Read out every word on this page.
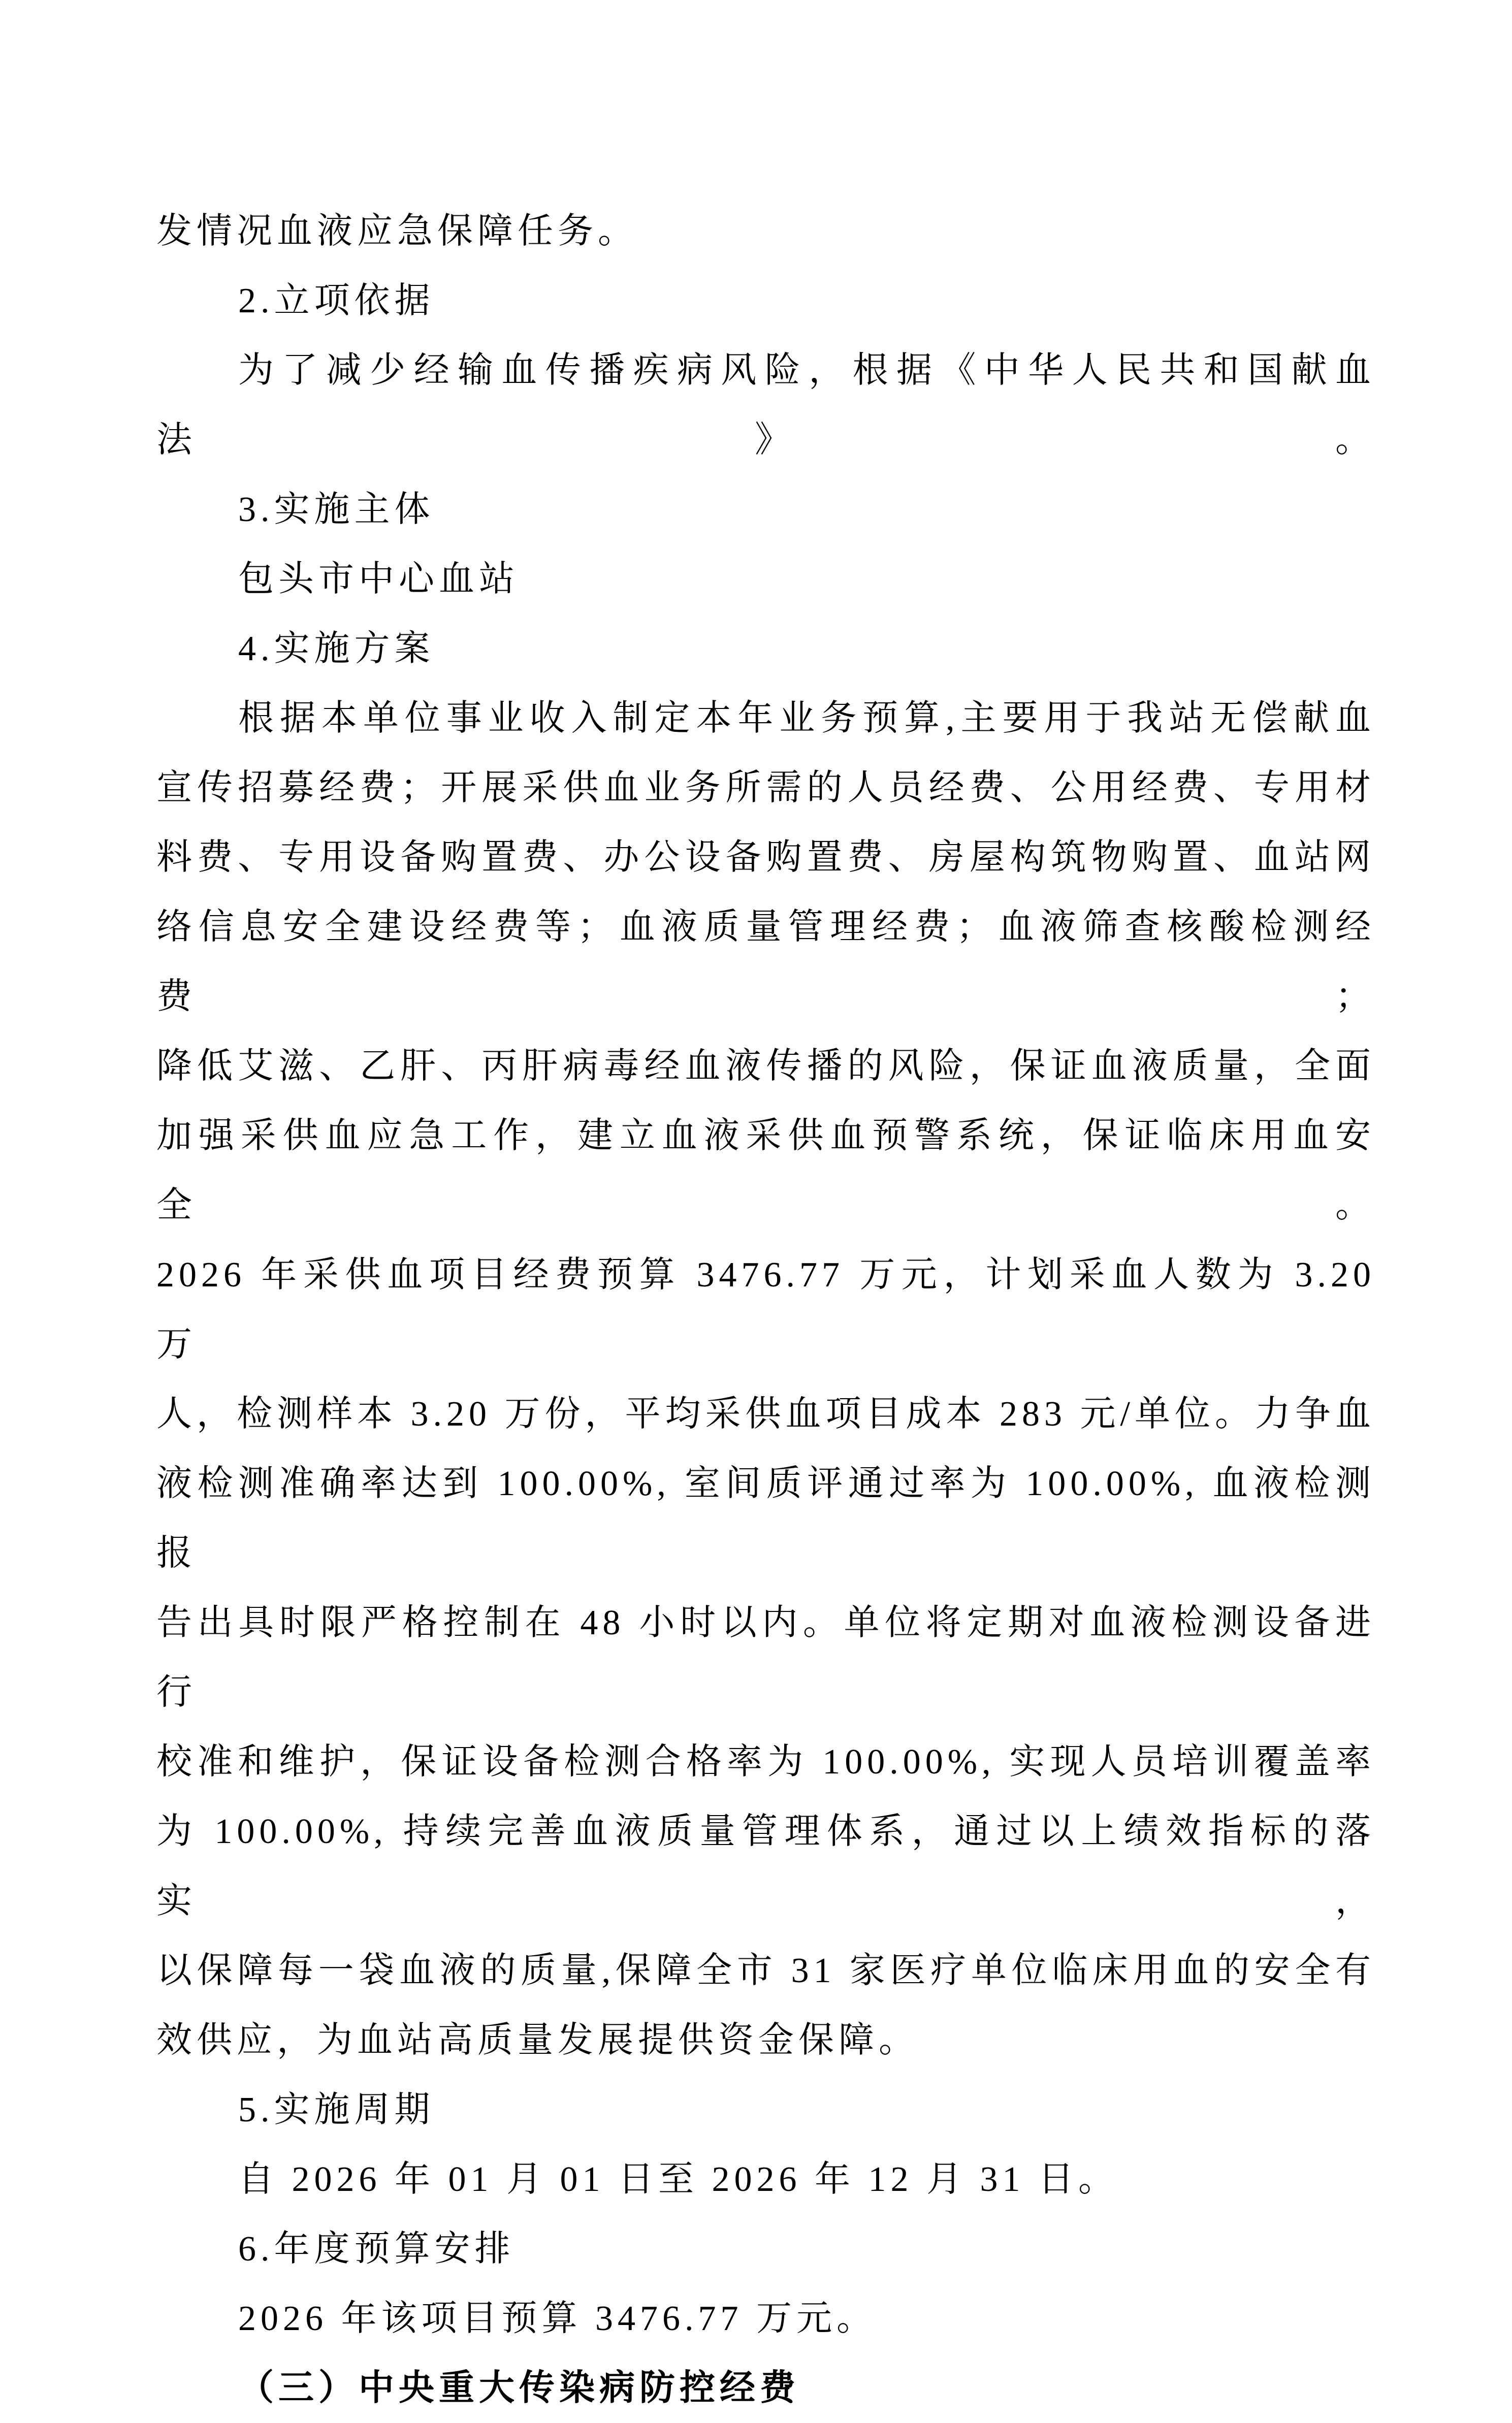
发情况血液应急保障任务。
2.立项依据
为了减少经输血传播疾病风险，根据《中华人民共和国献血法》。
3.实施主体
包头市中心血站
4.实施方案
根据本单位事业收入制定本年业务预算,主要用于我站无偿献血
宣传招募经费；开展采供血业务所需的人员经费、公用经费、专用材
料费、专用设备购置费、办公设备购置费、房屋构筑物购置、血站网
络信息安全建设经费等；血液质量管理经费；血液筛查核酸检测经费；
降低艾滋、乙肝、丙肝病毒经血液传播的风险，保证血液质量，全面
加强采供血应急工作，建立血液采供血预警系统，保证临床用血安全。
2026 年采供血项目经费预算 3476.77 万元，计划采血人数为 3.20 万
人，检测样本 3.20 万份，平均采供血项目成本 283 元/单位。力争血
液检测准确率达到 100.00%, 室间质评通过率为 100.00%, 血液检测报
告出具时限严格控制在 48 小时以内。单位将定期对血液检测设备进行
校准和维护，保证设备检测合格率为 100.00%, 实现人员培训覆盖率
为 100.00%, 持续完善血液质量管理体系，通过以上绩效指标的落实，
以保障每一袋血液的质量,保障全市 31 家医疗单位临床用血的安全有
效供应，为血站高质量发展提供资金保障。
5.实施周期
自 2026 年 01 月 01 日至 2026 年 12 月 31 日。
6.年度预算安排
2026 年该项目预算 3476.77 万元。
（三）中央重大传染病防控经费
